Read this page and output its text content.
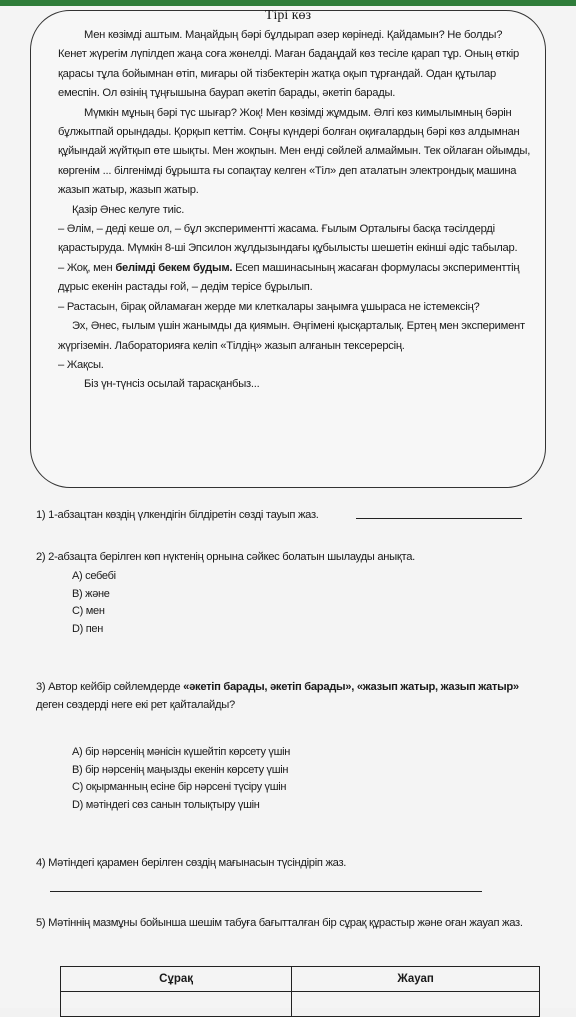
Тірі көз

Мен көзімді аштым. Маңайдың бәрі бұлдырап әзер көрінеді. Қайдамын? Не болды? Кенет жүрегім лүпілдеп жаңа соға жөнелді. Маған бадаңдай көз тесіле қарап тұр. Оның өткір қарасы тұла бойымнан өтіп, миғары ой тізбектерін жатқа оқып тұрғандай. Одан құтылар емеспін. Ол өзінің тұңғышына баурап әкетіп барады, әкетіп барады.

Мүмкін мұның бәрі түс шығар? Жоқ! Мен көзімді жұмдым. Әлгі көз кимылымның бәрін бұлжытпай орындады. Қорқып кеттім. Соңғы күндері болған оқиғалардың бәрі көз алдымнан құйындай жүйтқып өте шықты. Мен жоқпын. Мен енді сөйлей алмаймын. Тек ойлаған ойымды, көргенім ... білгенімді бұрышта ғы сопақтау келген «Тіл» деп аталатын электрондық машина жазып жатыр, жазып жатыр.

Қазір Әнес келуге тиіс.

– Әлім, – деді кеше ол, – бұл экспериментті жасама. Ғылым Орталығы басқа тәсілдерді қарастыруда. Мүмкін 8-ші Эпсилон жұлдызындағы құбылысты шешетін екінші әдіс табылар.

– Жоқ, мен белімді бекем будым. Есеп машинасының жасаған формуласы эксперименттің дұрыс екенін растады ғой, – дедім терісе бұрылып.

– Растасын, бірақ ойламаған жерде ми клеткалары заңымға ұшыраса не істемексің?

Эх, Әнес, ғылым үшін жанымды да қиямын. Әңгімені қысқарталық. Ертең мен эксперимент жүргіземін. Лабораторияға келіп «Тілдің» жазып алғанын тексерерсің.

– Жақсы.

Біз үн-түнсіз осылай тарасқанбыз...

1) 1-абзацтан көздің үлкендігін білдіретін сөзді тауып жаз.
2) 2-абзацта берілген көп нүктенің орнына сәйкес болатын шылауды анықта.
А) себебі
В) және
С) мен
D) пен
3) Автор кейбір сөйлемдерде «әкетіп барады, әкетіп барады», «жазып жатыр, жазып жатыр» деген сөздерді неге екі рет қайталайды?
А) бір нәрсенің мәнісін күшейтіп көрсету үшін
В) бір нәрсенің маңызды екенін көрсету үшін
С) оқырманның есіне бір нәрсені түсіру үшін
D) мәтіндегі сөз санын толықтыру үшін
4) Мәтіндегі қарамен берілген сөздің мағынасын түсіндіріп жаз.
5) Мәтіннің мазмұны бойынша шешім табуға бағытталған бір сұрақ құрастыр және оған жауап жаз.
Сұрақ	Жауап
